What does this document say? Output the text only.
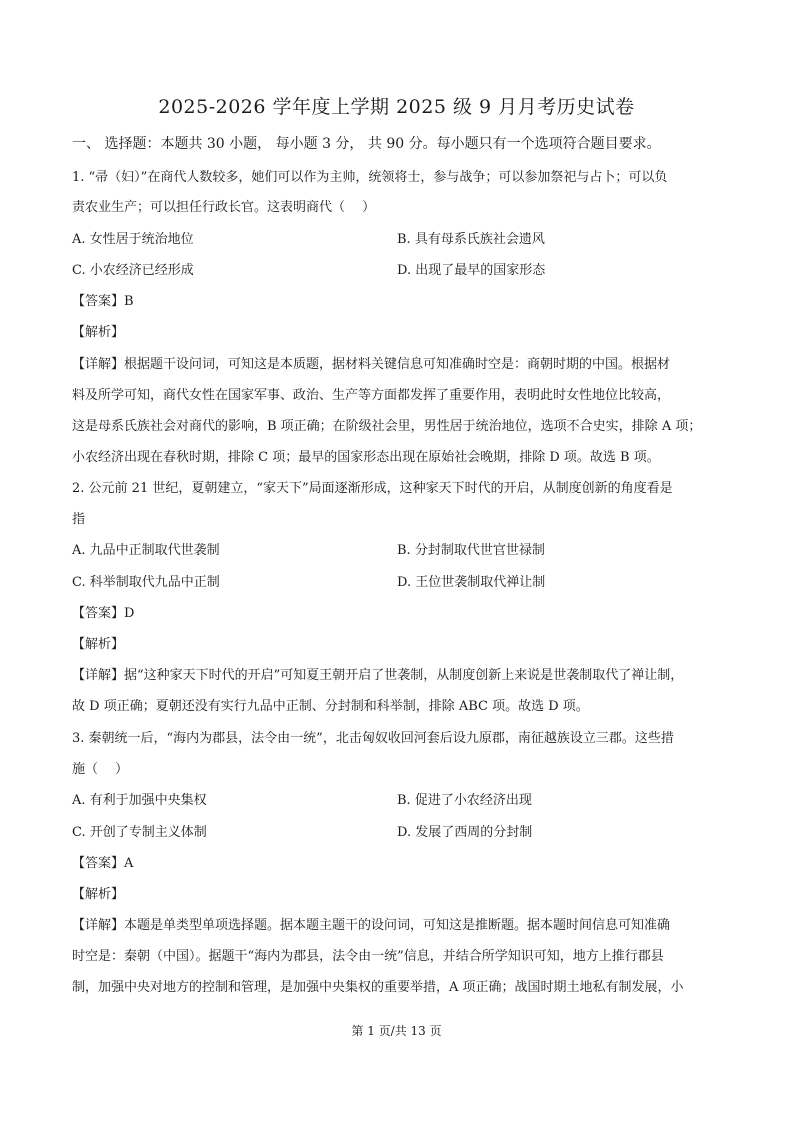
2025-2026 学年度上学期 2025 级 9 月月考历史试卷
一、 选择题：本题共 30 小题， 每小题 3 分， 共 90 分。每小题只有一个选项符合题目要求。
1. “帚（妇）”在商代人数较多，她们可以作为主帅，统领将士，参与战争；可以参加祭祀与占卜；可以负
责农业生产；可以担任行政长官。这表明商代（　 ）
A. 女性居于统治地位	B. 具有母系氏族社会遗风
C. 小农经济已经形成	D. 出现了最早的国家形态
【答案】B
【解析】
【详解】根据题干设问词，可知这是本质题，据材料关键信息可知准确时空是：商朝时期的中国。根据材
料及所学可知，商代女性在国家军事、政治、生产等方面都发挥了重要作用，表明此时女性地位比较高，
这是母系氏族社会对商代的影响，B 项正确；在阶级社会里，男性居于统治地位，选项不合史实，排除 A 项；
小农经济出现在春秋时期，排除 C 项；最早的国家形态出现在原始社会晚期，排除 D 项。故选 B 项。
2. 公元前 21 世纪，夏朝建立，“家天下”局面逐渐形成，这种家天下时代的开启，从制度创新的角度看是
指
A. 九品中正制取代世袭制	B. 分封制取代世官世禄制
C. 科举制取代九品中正制	D. 王位世袭制取代禅让制
【答案】D
【解析】
【详解】据“这种家天下时代的开启”可知夏王朝开启了世袭制，从制度创新上来说是世袭制取代了禅让制，
故 D 项正确；夏朝还没有实行九品中正制、分封制和科举制，排除 ABC 项。故选 D 项。
3. 秦朝统一后，“海内为郡县，法令由一统”，北击匈奴收回河套后设九原郡，南征越族设立三郡。这些措
施（　 ）
A. 有利于加强中央集权	B. 促进了小农经济出现
C. 开创了专制主义体制	D. 发展了西周的分封制
【答案】A
【解析】
【详解】本题是单类型单项选择题。据本题主题干的设问词，可知这是推断题。据本题时间信息可知准确
时空是：秦朝（中国）。据题干“海内为郡县，法令由一统”信息，并结合所学知识可知，地方上推行郡县
制，加强中央对地方的控制和管理，是加强中央集权的重要举措，A 项正确；战国时期土地私有制发展，小
第 1 页/共 13 页
